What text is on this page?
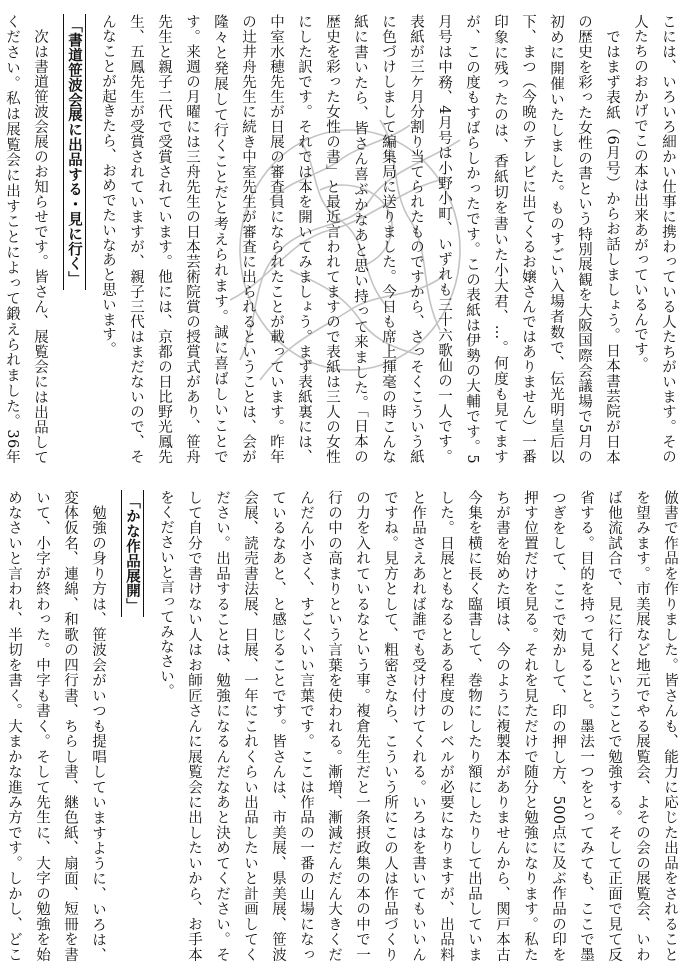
こには、いろいろ細かい仕事に携わっている人たちがいます。その人たちのおかげでこの本は出来あがっているんです。
ではまず表紙（6月号）からお話しましょう。日本書芸院が日本の歴史を彩った女性の書という特別展観を大阪国際会議場で5月の初めに開催いたしました。ものすごい入場者数で、伝光明皇后以下、まつ（今晩のテレビに出てくるお嬢さんではありません）一番印象に残ったのは、香紙切を書いた小大君、…。何度も見てますが、この度もすばらしかったです。この表紙は伊勢の大輔です。5月号は中務、4月号は小野小町、いずれも三十六歌仙の一人です。表紙が三ケ月分割り当てられたものですから、さっそくこういう紙に色づけしまして編集局に送りました。今日も席上揮毫の時こんな紙に書いたら、皆さん喜ぶかなあと思い持って来ました。「日本の歴史を彩った女性の書」と最近言われてますので表紙は三人の女性にした訳です。それでは本を開いてみましょう。まず表紙裏には、中室水穂先生が日展の審査員になられたことが載っています。昨年の辻井舟先生に続き中室先生が審査に出られるということは、会が隆々と発展して行くことだと考えられます。誠に喜ばしいことです。来週の月曜には三舟先生の日本芸術院賞の授賞式があり、笹舟先生と親子二代で受賞されています。他には、京都の日比野光鳳先生、五鳳先生が受賞されていますが、親子三代はまだないので、そんなことが起きたら、おめでたいなあと思います。
「書道笹波会展に出品する・見に行く」
次は書道笹波会展のお知らせです。皆さん、展覧会には出品してください。私は展覧会に出すことによって鍛えられました。36年
倣書で作品を作りました。皆さんも、能力に応じた出品をされることを望みます。市美展など地元でやる展覧会、よその会の展覧会、いわば他流試合で、見に行くということで勉強する。そして正面で見て反省する。目的を持って見ること。墨法一つをとってみても、ここで墨つぎをして、ここで効かして、印の押し方、500点に及ぶ作品の印を押す位置だけを見る。それを見ただけで随分と勉強になります。私たちが書を始めた頃は、今のように複製本がありませんから、関戸本古今集を横に長く臨書して、巻物にしたり額にしたりして出品していました。日展ともなるとある程度のレベルが必要になりますが、出品料と作品さえあれば誰でも受け付けてくれる。いろはを書いてもいいんですね。見方として、粗密さなら、こういう所にこの人は作品づくりの力を入れているなという事。複倉先生だと一条摂政集の本の中で一行の中の高まりという言葉を使われる。漸増、漸減だんだん大きくだんだん小さく、すごくいい言葉です。ここは作品の一番の山場になっているなあと、と感じることです。皆さんは、市美展、県美展、笹波会展、読売書法展、日展、一年にこれくらい出品したいと計画してください。出品することは、勉強になるんだなあと決めてください。そして自分で書けない人はお師匠さんに展覧会に出したいから、お手本をくださいと言ってみなさい。
「かな作品展開」
勉強の身り方は、笹波会がいつも提唱していますように、いろは、変体仮名、連綿、和歌の四行書、ちらし書、継色紙、扇面、短冊を書いて、小字が終わった。中字も書く。そして先生に、大字の勉強を始めなさいと言われ、半切を書く。大まかな進み方です。しかし、どこ
